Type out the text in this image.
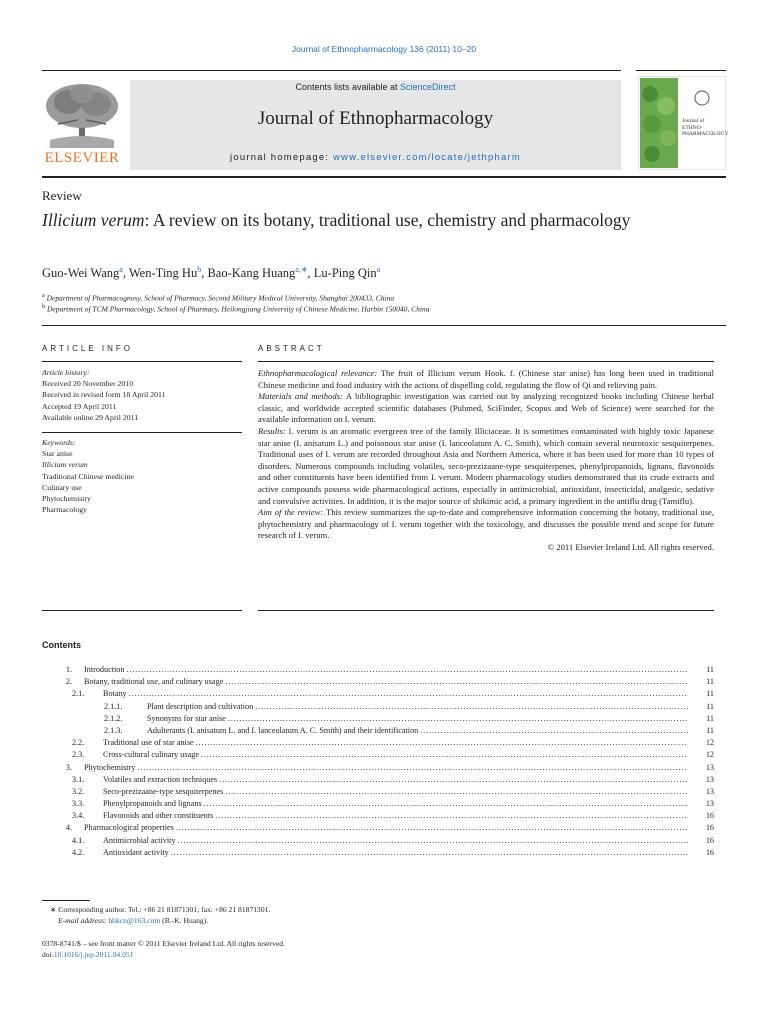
Journal of Ethnopharmacology 136 (2011) 10–20
ELSEVIER
Contents lists available at ScienceDirect
Journal of Ethnopharmacology
journal homepage: www.elsevier.com/locate/jethpharm
Journal of ETHNO-PHARMACOLOGY
Review
Illicium verum: A review on its botany, traditional use, chemistry and pharmacology
Guo-Wei Wang$^a$, Wen-Ting Hu$^b$, Bao-Kang Huang$^{a,∗}$, Lu-Ping Qin$^a$
$^a$ Department of Pharmacognosy, School of Pharmacy, Second Military Medical University, Shanghai 200433, China
$^b$ Department of TCM Pharmacology, School of Pharmacy, Heilongjiang University of Chinese Medicine, Harbin 150040, China
ARTICLE INFO
Article history:
Received 20 November 2010
Received in revised form 18 April 2011
Accepted 19 April 2011
Available online 29 April 2011
Keywords:
Star anise
Illicium verum
Traditional Chinese medicine
Culinary use
Phytochemistry
Pharmacology
ABSTRACT

Ethnopharmacological relevance: The fruit of Illicium verum Hook. f. (Chinese star anise) has long been used in traditional Chinese medicine and food industry with the actions of dispelling cold, regulating the flow of Qi and relieving pain.

Materials and methods: A bibliographic investigation was carried out by analyzing recognized books including Chinese herbal classic, and worldwide accepted scientific databases (Pubmed, SciFinder, Scopus and Web of Science) were searched for the available information on I. verum.

Results: I. verum is an aromatic evergreen tree of the family Illiciaceae. It is sometimes contaminated with highly toxic Japanese star anise (I. anisatum L.) and poisonous star anise (I. lanceolatum A. C. Smith), which contain several neurotoxic sesquiterpenes. Traditional uses of I. verum are recorded throughout Asia and Northern America, where it has been used for more than 10 types of disorders. Numerous compounds including volatiles, seco-prezizaane-type sesquiterpenes, phenylpropanoids, lignans, flavonoids and other constituents have been identified from I. verum. Modern pharmacology studies demonstrated that its crude extracts and active compounds possess wide pharmacological actions, especially in antimicrobial, antioxidant, insecticidal, analgesic, sedative and convulsive activities. In addition, it is the major source of shikimic acid, a primary ingredient in the antiflu drug (Tamiflu).

Aim of the review: This review summarizes the up-to-date and comprehensive information concerning the botany, traditional use, phytochemistry and pharmacology of I. verum together with the toxicology, and discusses the possible trend and scope for future research of I. verum.

© 2011 Elsevier Ireland Ltd. All rights reserved.

Contents
1. Introduction . . .	11
2. Botany, traditional use, and culinary usage . . .	11
2.1.	Botany . . .	11
2.1.1.	Plant description and cultivation . . .	11
2.1.2.	Synonyms for star anise . . .	11
2.1.3.	Adulterants (I. anisatum L. and I. lanceolatum A. C. Smith) and their identification . . .	11
2.2.	Traditional use of star anise . . .	12
2.3.	Cross-cultural culinary usage . . .	12
3. Phytochemistry . . .	13
3.1.	Volatiles and extraction techniques . . .	13
3.2.	Seco-prezizaane-type sesquiterpenes . . .	13
3.3.	Phenylpropanoids and lignans . . .	13
3.4.	Flavonoids and other constituents . . .	16
4. Pharmacological properties . . .	16
4.1.	Antimicrobial activity . . .	16
4.2.	Antioxidant activity . . .	16
∗ Corresponding author. Tel.: +86 21 81871301; fax: +86 21 81871301.
E-mail address: hbkcn@163.com (B.-K. Huang).
0378-8741/$ – see front matter © 2011 Elsevier Ireland Ltd. All rights reserved.
doi:10.1016/j.jep.2011.04.051
